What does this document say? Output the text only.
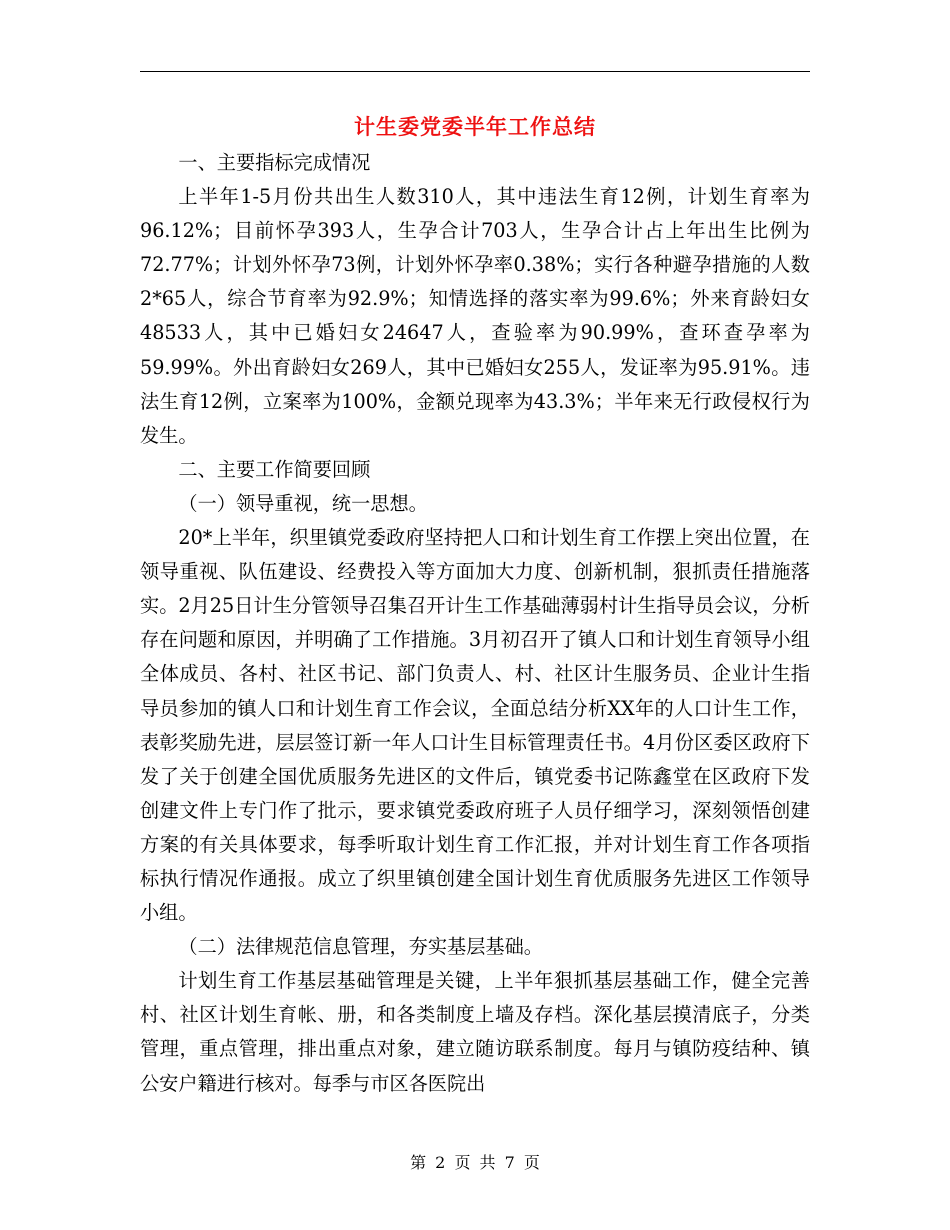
计生委党委半年工作总结

一、主要指标完成情况

上半年1-5月份共出生人数310人，其中违法生育12例，计划生育率为96.12%；目前怀孕393人，生孕合计703人，生孕合计占上年出生比例为72.77%；计划外怀孕73例，计划外怀孕率0.38%；实行各种避孕措施的人数2*65人，综合节育率为92.9%；知情选择的落实率为99.6%；外来育龄妇女48533人，其中已婚妇女24647人，查验率为90.99%，查环查孕率为59.99%。外出育龄妇女269人，其中已婚妇女255人，发证率为95.91%。违法生育12例，立案率为100%，金额兑现率为43.3%；半年来无行政侵权行为发生。

二、主要工作简要回顾

（一）领导重视，统一思想。

20*上半年，织里镇党委政府坚持把人口和计划生育工作摆上突出位置，在领导重视、队伍建设、经费投入等方面加大力度、创新机制，狠抓责任措施落实。2月25日计生分管领导召集召开计生工作基础薄弱村计生指导员会议，分析存在问题和原因，并明确了工作措施。3月初召开了镇人口和计划生育领导小组全体成员、各村、社区书记、部门负责人、村、社区计生服务员、企业计生指导员参加的镇人口和计划生育工作会议，全面总结分析XX年的人口计生工作，表彰奖励先进，层层签订新一年人口计生目标管理责任书。4月份区委区政府下发了关于创建全国优质服务先进区的文件后，镇党委书记陈鑫堂在区政府下发创建文件上专门作了批示，要求镇党委政府班子人员仔细学习，深刻领悟创建方案的有关具体要求，每季听取计划生育工作汇报，并对计划生育工作各项指标执行情况作通报。成立了织里镇创建全国计划生育优质服务先进区工作领导小组。

（二）法律规范信息管理，夯实基层基础。

计划生育工作基层基础管理是关键，上半年狠抓基层基础工作，健全完善村、社区计划生育帐、册，和各类制度上墙及存档。深化基层摸清底子，分类管理，重点管理，排出重点对象，建立随访联系制度。每月与镇防疫结种、镇公安户籍进行核对。每季与市区各医院出

第 2 页 共 7 页
